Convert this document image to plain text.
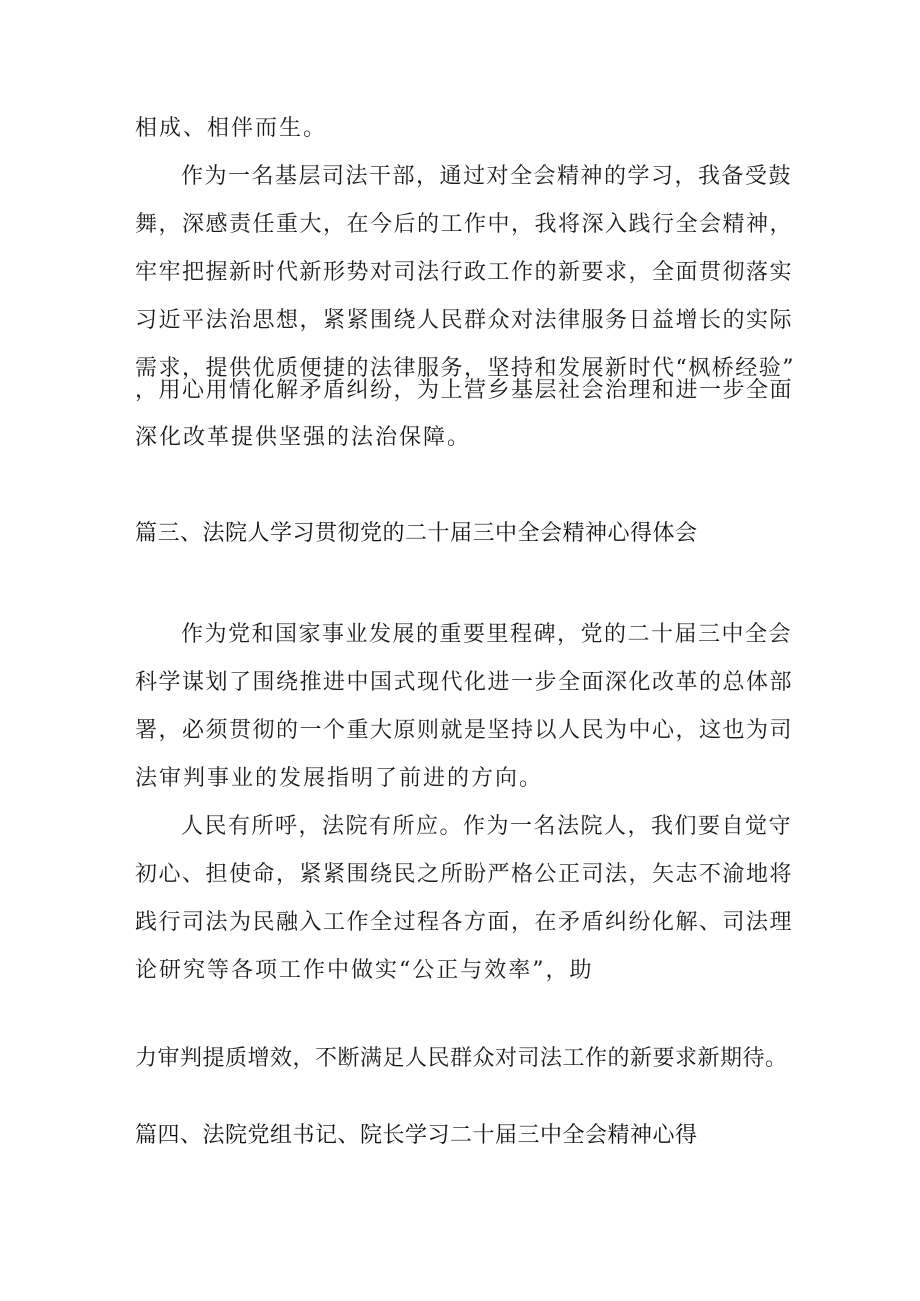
相成、相伴而生。
作为一名基层司法干部，通过对全会精神的学习，我备受鼓
舞，深感责任重大，在今后的工作中，我将深入践行全会精神，
牢牢把握新时代新形势对司法行政工作的新要求，全面贯彻落实
习近平法治思想，紧紧围绕人民群众对法律服务日益增长的实际
需求，提供优质便捷的法律服务，坚持和发展新时代“枫桥经验”
，用心用情化解矛盾纠纷，为上营乡基层社会治理和进一步全面
深化改革提供坚强的法治保障。
篇三、法院人学习贯彻党的二十届三中全会精神心得体会
作为党和国家事业发展的重要里程碑，党的二十届三中全会
科学谋划了围绕推进中国式现代化进一步全面深化改革的总体部
署，必须贯彻的一个重大原则就是坚持以人民为中心，这也为司
法审判事业的发展指明了前进的方向。
人民有所呼，法院有所应。作为一名法院人，我们要自觉守
初心、担使命，紧紧围绕民之所盼严格公正司法，矢志不渝地将
践行司法为民融入工作全过程各方面，在矛盾纠纷化解、司法理
论研究等各项工作中做实“公正与效率”，助
力审判提质增效，不断满足人民群众对司法工作的新要求新期待。
篇四、法院党组书记、院长学习二十届三中全会精神心得
